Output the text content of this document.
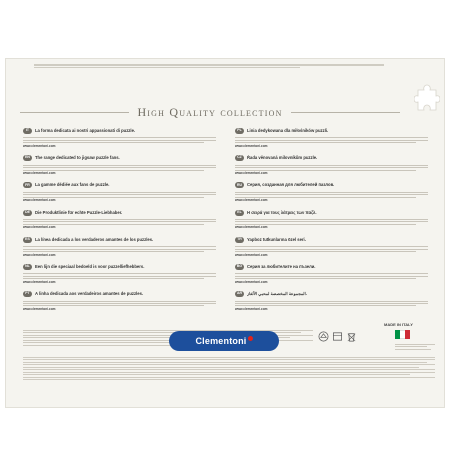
High Quality collection
IT	La forma dedicata ai nostri appassionati di puzzle.
www.clementoni.com
EN	The range dedicated to jigsaw puzzle fans.
www.clementoni.com
FR	La gamme dédiée aux fans de puzzle.
www.clementoni.com
DE	Die Produktlinie für echte Puzzle-Liebhaber.
www.clementoni.com
ES	La línea dedicada a los verdaderos amantes de los puzzles.
www.clementoni.com
NL	Een lijn die speciaal bedoeld is voor puzzelliefhebbers.
www.clementoni.com
PT	A linha dedicada aos verdadeiros amantes de puzzles.
www.clementoni.com
PL	Linia dedykowana dla miłośników puzzli.
www.clementoni.com
CZ	Řada věnovaná milovníkům puzzle.
www.clementoni.com
RU	Серия, созданная для любителей пазлов.
www.clementoni.com
EL	Η σειρά για τους λάτρεις των παζλ.
www.clementoni.com
TR	Yapboz tutkunlarına özel seri.
www.clementoni.com
BG	Серия за любителите на пъзели.
www.clementoni.com
AR	المجموعة المخصصة لمحبي الألغاز.
www.clementoni.com
MADE IN ITALY
Clementoni
